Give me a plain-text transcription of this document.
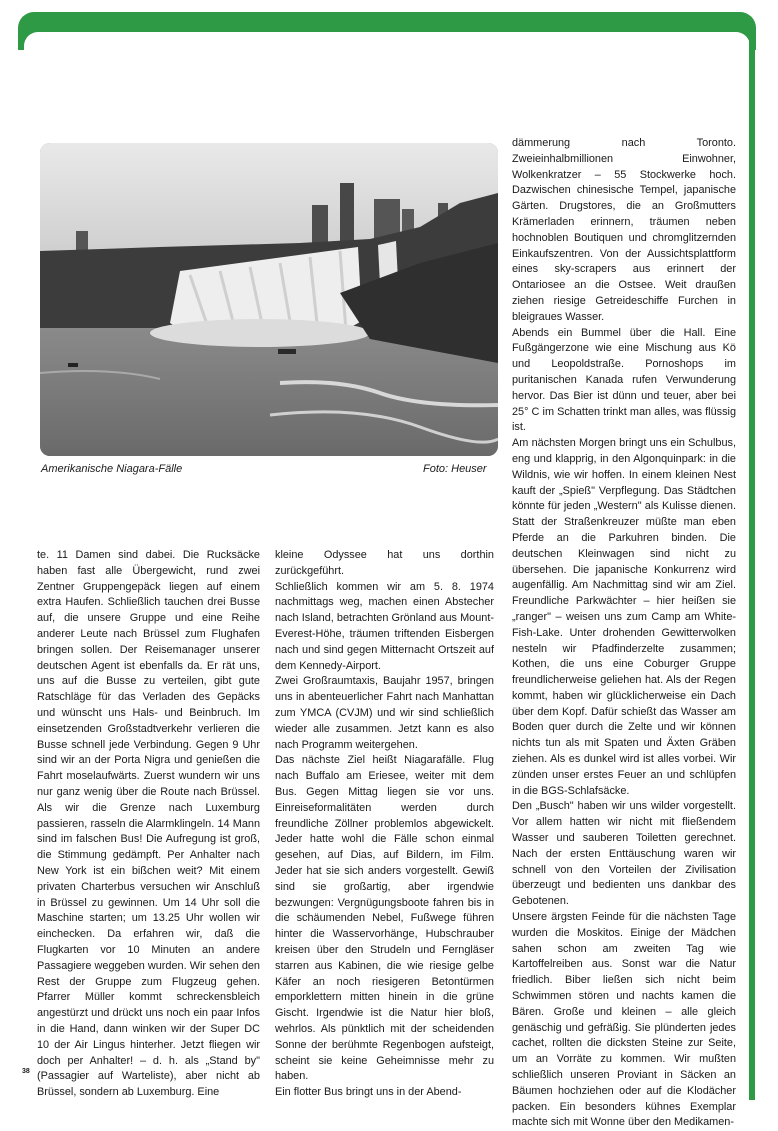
Amerikanische Niagara-Fälle	Foto: Heuser

te. 11 Damen sind dabei. Die Rucksäcke haben fast alle Übergewicht, rund zwei Zentner Gruppengepäck liegen auf einem extra Haufen. Schließlich tauchen drei Busse auf, die unsere Gruppe und eine Reihe anderer Leute nach Brüssel zum Flughafen bringen sollen. Der Reisemanager unserer deutschen Agent ist ebenfalls da. Er rät uns, uns auf die Busse zu verteilen, gibt gute Ratschläge für das Verladen des Gepäcks und wünscht uns Hals- und Beinbruch. Im einsetzenden Großstadtverkehr verlieren die Busse schnell jede Verbindung. Gegen 9 Uhr sind wir an der Porta Nigra und genießen die Fahrt moselaufwärts. Zuerst wundern wir uns nur ganz wenig über die Route nach Brüssel. Als wir die Grenze nach Luxemburg passieren, rasseln die Alarmklingeln. 14 Mann sind im falschen Bus! Die Aufregung ist groß, die Stimmung gedämpft. Per Anhalter nach New York ist ein bißchen weit? Mit einem privaten Charterbus versuchen wir Anschluß in Brüssel zu gewinnen. Um 14 Uhr soll die Maschine starten; um 13.25 Uhr wollen wir einchecken. Da erfahren wir, daß die Flugkarten vor 10 Minuten an andere Passagiere weggeben wurden. Wir sehen den Rest der Gruppe zum Flugzeug gehen. Pfarrer Müller kommt schreckensbleich angestürzt und drückt uns noch ein paar Infos in die Hand, dann winken wir der Super DC 10 der Air Lingus hinterher. Jetzt fliegen wir doch per Anhalter! – d. h. als „Stand by" (Passagier auf Warteliste), aber nicht ab Brüssel, sondern ab Luxemburg. Eine

kleine Odyssee hat uns dorthin zurückgeführt.

Schließlich kommen wir am 5. 8. 1974 nachmittags weg, machen einen Abstecher nach Island, betrachten Grönland aus Mount-Everest-Höhe, träumen triftenden Eisbergen nach und sind gegen Mitternacht Ortszeit auf dem Kennedy-Airport.

Zwei Großraumtaxis, Baujahr 1957, bringen uns in abenteuerlicher Fahrt nach Manhattan zum YMCA (CVJM) und wir sind schließlich wieder alle zusammen. Jetzt kann es also nach Programm weitergehen.

Das nächste Ziel heißt Niagarafälle. Flug nach Buffalo am Eriesee, weiter mit dem Bus. Gegen Mittag liegen sie vor uns. Einreiseformalitäten werden durch freundliche Zöllner problemlos abgewickelt. Jeder hatte wohl die Fälle schon einmal gesehen, auf Dias, auf Bildern, im Film. Jeder hat sie sich anders vorgestellt. Gewiß sind sie großartig, aber irgendwie bezwungen: Vergnügungsboote fahren bis in die schäumenden Nebel, Fußwege führen hinter die Wasservorhänge, Hubschrauber kreisen über den Strudeln und Ferngläser starren aus Kabinen, die wie riesige gelbe Käfer an noch riesigeren Betontürmen emporklettern mitten hinein in die grüne Gischt. Irgendwie ist die Natur hier bloß, wehrlos. Als pünktlich mit der scheidenden Sonne der berühmte Regenbogen aufsteigt, scheint sie keine Geheimnisse mehr zu haben.

Ein flotter Bus bringt uns in der Abend-

dämmerung nach Toronto. Zweieinhalbmillionen Einwohner, Wolkenkratzer – 55 Stockwerke hoch. Dazwischen chinesische Tempel, japanische Gärten. Drugstores, die an Großmutters Krämerladen erinnern, träumen neben hochnoblen Boutiquen und chromglitzernden Einkaufszentren. Von der Aussichtsplattform eines sky-scrapers aus erinnert der Ontariosee an die Ostsee. Weit draußen ziehen riesige Getreideschiffe Furchen in bleigraues Wasser.

Abends ein Bummel über die Hall. Eine Fußgängerzone wie eine Mischung aus Kö und Leopoldstraße. Pornoshops im puritanischen Kanada rufen Verwunderung hervor. Das Bier ist dünn und teuer, aber bei 25° C im Schatten trinkt man alles, was flüssig ist.

Am nächsten Morgen bringt uns ein Schulbus, eng und klapprig, in den Algonquinpark: in die Wildnis, wie wir hoffen. In einem kleinen Nest kauft der „Spieß" Verpflegung. Das Städtchen könnte für jeden „Western" als Kulisse dienen. Statt der Straßenkreuzer müßte man eben Pferde an die Parkuhren binden. Die deutschen Kleinwagen sind nicht zu übersehen. Die japanische Konkurrenz wird augenfällig. Am Nachmittag sind wir am Ziel. Freundliche Parkwächter – hier heißen sie „ranger" – weisen uns zum Camp am White-Fish-Lake. Unter drohenden Gewitterwolken nesteln wir Pfadfinderzelte zusammen; Kothen, die uns eine Coburger Gruppe freundlicherweise geliehen hat. Als der Regen kommt, haben wir glücklicherweise ein Dach über dem Kopf. Dafür schießt das Wasser am Boden quer durch die Zelte und wir können nichts tun als mit Spaten und Äxten Gräben ziehen. Als es dunkel wird ist alles vorbei. Wir zünden unser erstes Feuer an und schlüpfen in die BGS-Schlafsäcke.

Den „Busch" haben wir uns wilder vorgestellt. Vor allem hatten wir nicht mit fließendem Wasser und sauberen Toiletten gerechnet. Nach der ersten Enttäuschung waren wir schnell von den Vorteilen der Zivilisation überzeugt und bedienten uns dankbar des Gebotenen.

Unsere ärgsten Feinde für die nächsten Tage wurden die Moskitos. Einige der Mädchen sahen schon am zweiten Tag wie Kartoffelreiben aus. Sonst war die Natur friedlich. Biber ließen sich nicht beim Schwimmen stören und nachts kamen die Bären. Große und kleinen – alle gleich genäschig und gefräßig. Sie plünderten jedes cachet, rollten die dicksten Steine zur Seite, um an Vorräte zu kommen. Wir mußten schließlich unseren Proviant in Säcken an Bäumen hochziehen oder auf die Klodächer packen. Ein besonders kühnes Exemplar machte sich mit Wonne über den Medikamen-

38
